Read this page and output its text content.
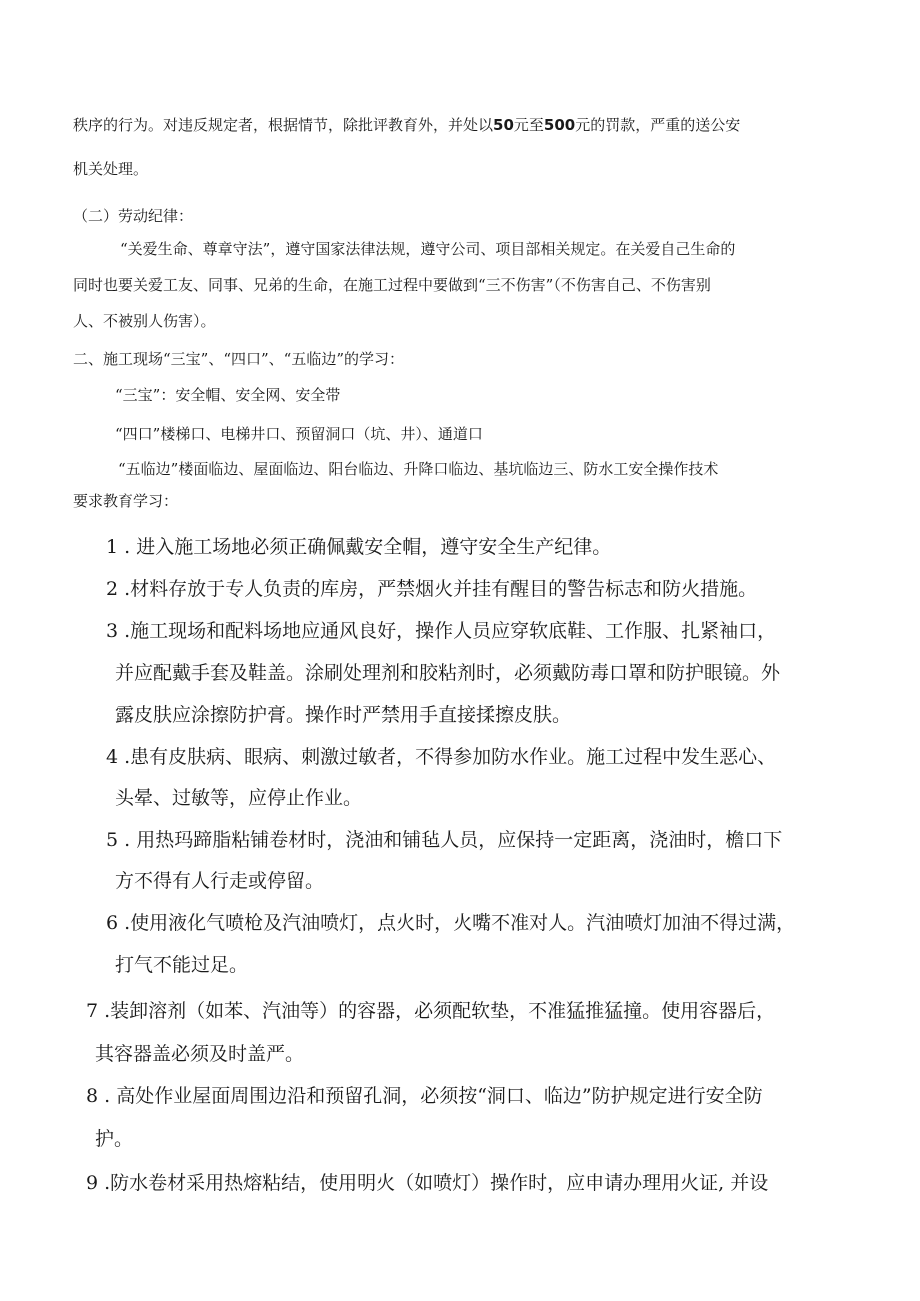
秩序的行为。对违反规定者，根据情节，除批评教育外，并处以50元至500元的罚款，严重的送公安
机关处理。
（二）劳动纪律：
“关爱生命、尊章守法”，遵守国家法律法规，遵守公司、项目部相关规定。在关爱自己生命的
同时也要关爱工友、同事、兄弟的生命，在施工过程中要做到“三不伤害”（不伤害自己、不伤害别
人、不被别人伤害）。
二、施工现场“三宝”、“四口”、“五临边”的学习：
“三宝”：安全帽、安全网、安全带
“四口”楼梯口、电梯井口、预留洞口（坑、井）、通道口
“五临边”楼面临边、屋面临边、阳台临边、升降口临边、基坑临边三、防水工安全操作技术
要求教育学习：
1 . 进入施工场地必须正确佩戴安全帽，遵守安全生产纪律。
2 .材料存放于专人负责的库房，严禁烟火并挂有醒目的警告标志和防火措施。
3 .施工现场和配料场地应通风良好，操作人员应穿软底鞋、工作服、扎紧袖口，
并应配戴手套及鞋盖。涂刷处理剂和胶粘剂时，必须戴防毒口罩和防护眼镜。外
露皮肤应涂擦防护膏。操作时严禁用手直接揉擦皮肤。
4 .患有皮肤病、眼病、刺激过敏者，不得参加防水作业。施工过程中发生恶心、
头晕、过敏等，应停止作业。
5 . 用热玛蹄脂粘铺卷材时，浇油和铺毡人员，应保持一定距离，浇油时，檐口下
方不得有人行走或停留。
6 .使用液化气喷枪及汽油喷灯，点火时，火嘴不准对人。汽油喷灯加油不得过满，
打气不能过足。
7 .装卸溶剂（如苯、汽油等）的容器，必须配软垫，不准猛推猛撞。使用容器后，
其容器盖必须及时盖严。
8 . 高处作业屋面周围边沿和预留孔洞，必须按“洞口、临边”防护规定进行安全防
护。
9 .防水卷材采用热熔粘结，使用明火（如喷灯）操作时，应申请办理用火证, 并设
